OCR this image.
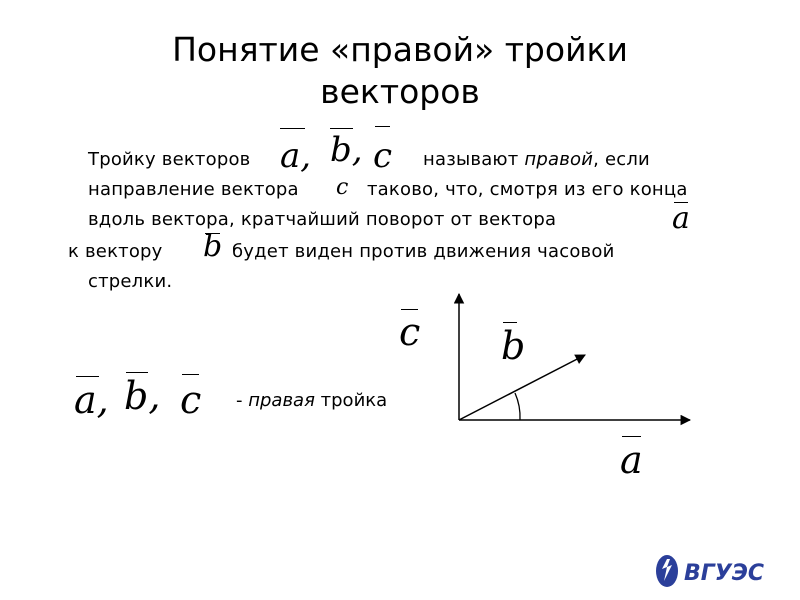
Понятие «правой» тройки
векторов
Тройку векторов	называют правой, если
направление вектора	таково, что, смотря из его конца
вдоль вектора, кратчайший поворот от вектора
к вектору	будет виден против движения часовой
стрелки.
a, b, c
c
a
b
a, b, c - правая тройка
c b
a
ВГУЭС
